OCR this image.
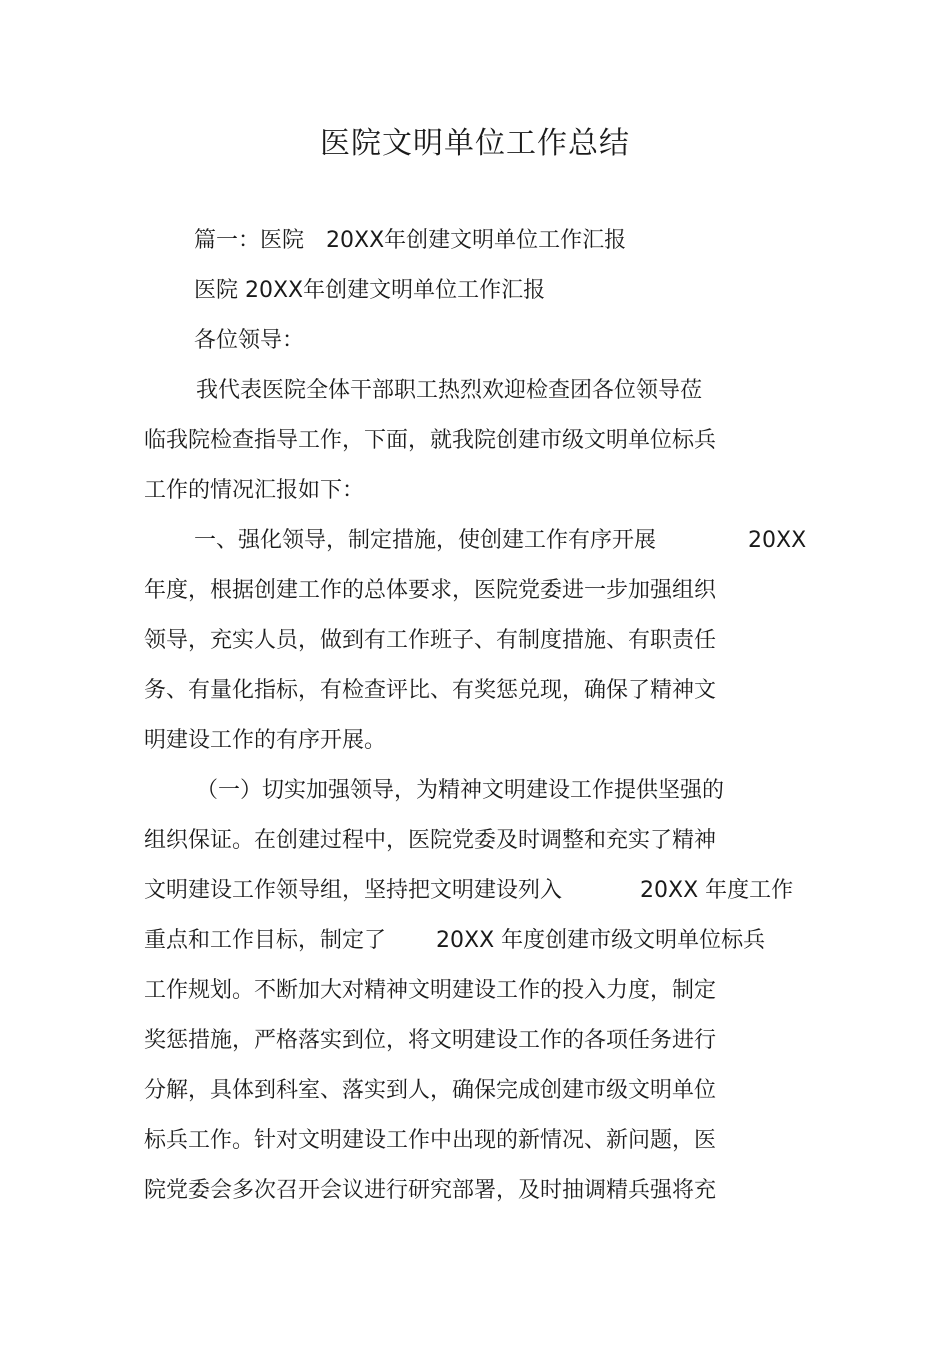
医院文明单位工作总结

篇一：医院　20XX年创建文明单位工作汇报

医院 20XX年创建文明单位工作汇报

各位领导：

我代表医院全体干部职工热烈欢迎检查团各位领导莅

临我院检查指导工作，下面，就我院创建市级文明单位标兵

工作的情况汇报如下：

一、强化领导，制定措施，使创建工作有序开展	20XX

年度，根据创建工作的总体要求，医院党委进一步加强组织

领导，充实人员，做到有工作班子、有制度措施、有职责任

务、有量化指标，有检查评比、有奖惩兑现，确保了精神文

明建设工作的有序开展。

（一）切实加强领导，为精神文明建设工作提供坚强的

组织保证。在创建过程中，医院党委及时调整和充实了精神

文明建设工作领导组，坚持把文明建设列入	20XX 年度工作

重点和工作目标，制定了 20XX 年度创建市级文明单位标兵

工作规划。不断加大对精神文明建设工作的投入力度，制定

奖惩措施，严格落实到位，将文明建设工作的各项任务进行

分解，具体到科室、落实到人，确保完成创建市级文明单位

标兵工作。针对文明建设工作中出现的新情况、新问题，医

院党委会多次召开会议进行研究部署，及时抽调精兵强将充
